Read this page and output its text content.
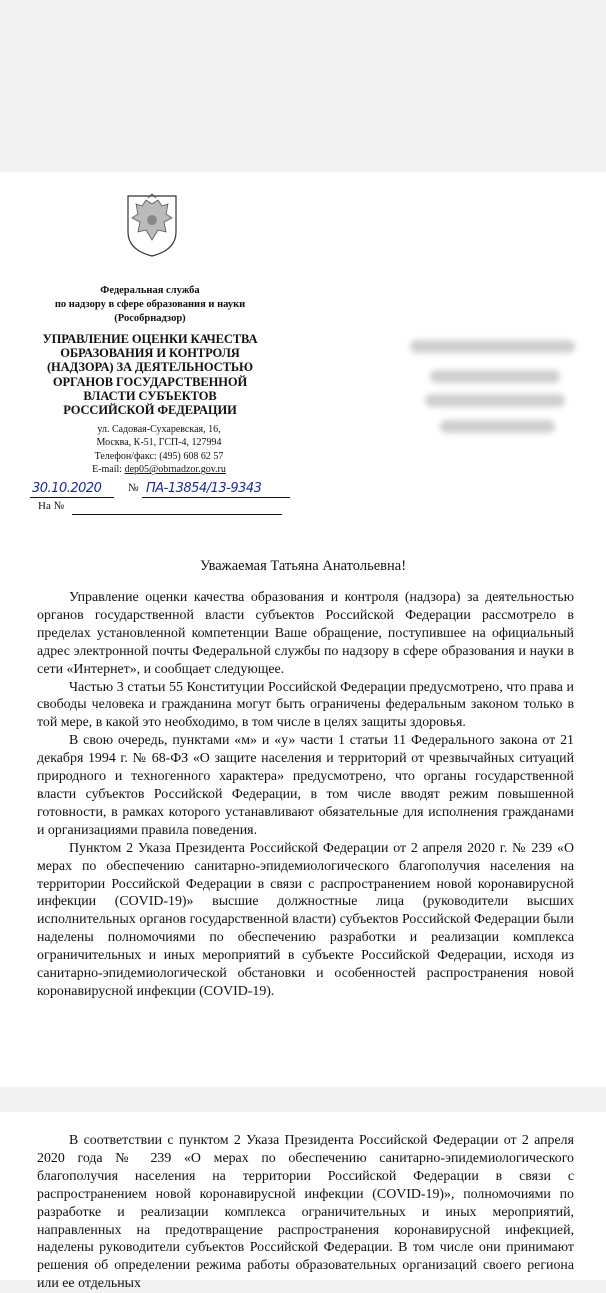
Федеральная служба
по надзору в сфере образования и науки
(Рособрнадзор)
УПРАВЛЕНИЕ ОЦЕНКИ КАЧЕСТВА
ОБРАЗОВАНИЯ И КОНТРОЛЯ
(НАДЗОРА) ЗА ДЕЯТЕЛЬНОСТЬЮ
ОРГАНОВ ГОСУДАРСТВЕННОЙ
ВЛАСТИ СУБЪЕКТОВ
РОССИЙСКОЙ ФЕДЕРАЦИИ
ул. Садовая-Сухаревская, 16,
Москва, К-51, ГСП-4, 127994
Телефон/факс: (495) 608 62 57
E-mail: dep05@obrnadzor.gov.ru
30.10.2020 № ПА-13854/13-9343
На №
Уважаемая Татьяна Анатольевна!

Управление оценки качества образования и контроля (надзора) за деятельностью органов государственной власти субъектов Российской Федерации рассмотрело в пределах установленной компетенции Ваше обращение, поступившее на официальный адрес электронной почты Федеральной службы по надзору в сфере образования и науки в сети «Интернет», и сообщает следующее.

Частью 3 статьи 55 Конституции Российской Федерации предусмотрено, что права и свободы человека и гражданина могут быть ограничены федеральным законом только в той мере, в какой это необходимо, в том числе в целях защиты здоровья.

В свою очередь, пунктами «м» и «у» части 1 статьи 11 Федерального закона от 21 декабря 1994 г. № 68-ФЗ «О защите населения и территорий от чрезвычайных ситуаций природного и техногенного характера» предусмотрено, что органы государственной власти субъектов Российской Федерации, в том числе вводят режим повышенной готовности, в рамках которого устанавливают обязательные для исполнения гражданами и организациями правила поведения.

Пунктом 2 Указа Президента Российской Федерации от 2 апреля 2020 г. № 239 «О мерах по обеспечению санитарно-эпидемиологического благополучия населения на территории Российской Федерации в связи с распространением новой коронавирусной инфекции (COVID-19)» высшие должностные лица (руководители высших исполнительных органов государственной власти) субъектов Российской Федерации были наделены полномочиями по обеспечению разработки и реализации комплекса ограничительных и иных мероприятий в субъекте Российской Федерации, исходя из санитарно-эпидемиологической обстановки и особенностей распространения новой коронавирусной инфекции (COVID-19).

В соответствии с пунктом 2 Указа Президента Российской Федерации от 2 апреля 2020 года № 239 «О мерах по обеспечению санитарно-эпидемиологического благополучия населения на территории Российской Федерации в связи с распространением новой коронавирусной инфекции (COVID-19)», полномочиями по разработке и реализации комплекса ограничительных и иных мероприятий, направленных на предотвращение распространения коронавирусной инфекцией, наделены руководители субъектов Российской Федерации. В том числе они принимают решения об определении режима работы образовательных организаций своего региона или ее отдельных
